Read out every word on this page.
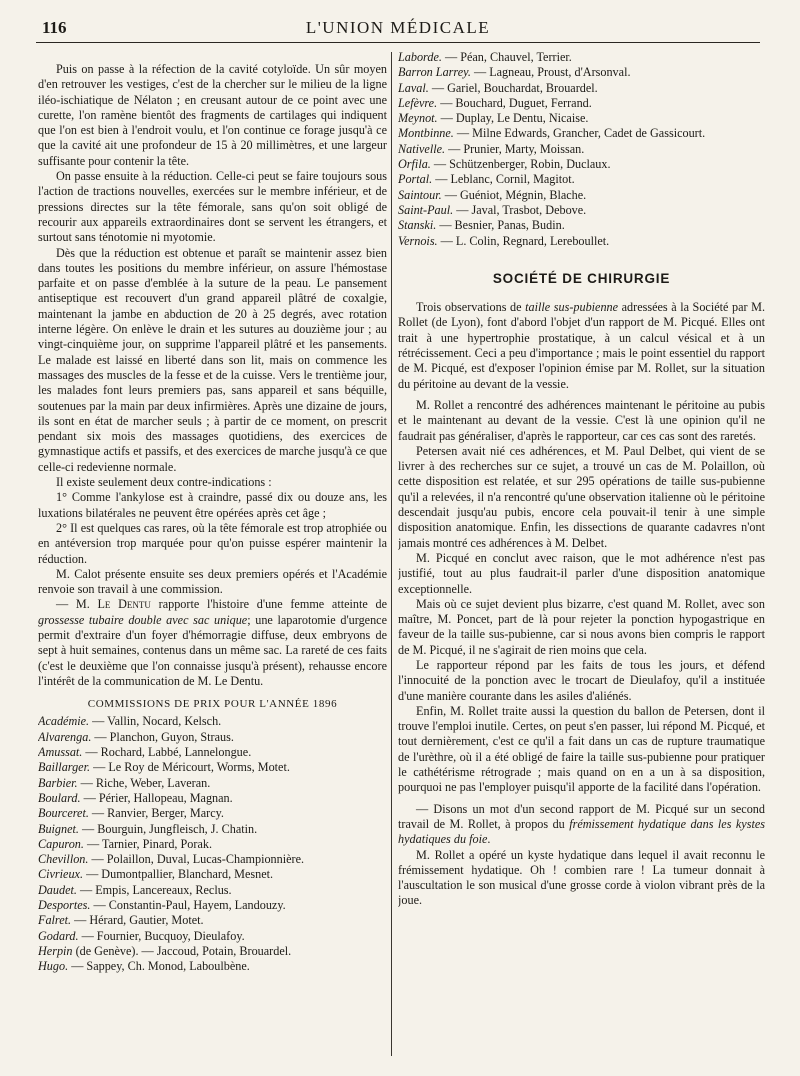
116	L'UNION MÉDICALE

Puis on passe à la réfection de la cavité cotyloïde. Un sûr moyen d'en retrouver les vestiges, c'est de la chercher sur le milieu de la ligne iléo-ischiatique de Nélaton ; en creusant autour de ce point avec une curette, l'on ramène bientôt des fragments de cartilages qui indiquent que l'on est bien à l'endroit voulu, et l'on continue ce forage jusqu'à ce que la cavité ait une profondeur de 15 à 20 millimètres, et une largeur suffisante pour contenir la tête.

On passe ensuite à la réduction. Celle-ci peut se faire toujours sous l'action de tractions nouvelles, exercées sur le membre inférieur, et de pressions directes sur la tête fémorale, sans qu'on soit obligé de recourir aux appareils extraordinaires dont se servent les étrangers, et surtout sans ténotomie ni myotomie.

Dès que la réduction est obtenue et paraît se maintenir assez bien dans toutes les positions du membre inférieur, on assure l'hémostase parfaite et on passe d'emblée à la suture de la peau. Le pansement antiseptique est recouvert d'un grand appareil plâtré de coxalgie, maintenant la jambe en abduction de 20 à 25 degrés, avec rotation interne légère. On enlève le drain et les sutures au douzième jour ; au vingt-cinquième jour, on supprime l'appareil plâtré et les pansements. Le malade est laissé en liberté dans son lit, mais on commence les massages des muscles de la fesse et de la cuisse. Vers le trentième jour, les malades font leurs premiers pas, sans appareil et sans béquille, soutenues par la main par deux infirmières. Après une dizaine de jours, ils sont en état de marcher seuls ; à partir de ce moment, on prescrit pendant six mois des massages quotidiens, des exercices de gymnastique actifs et passifs, et des exercices de marche jusqu'à ce que celle-ci redevienne normale.

Il existe seulement deux contre-indications :

1° Comme l'ankylose est à craindre, passé dix ou douze ans, les luxations bilatérales ne peuvent être opérées après cet âge ;

2° Il est quelques cas rares, où la tête fémorale est trop atrophiée ou en antéversion trop marquée pour qu'on puisse espérer maintenir la réduction.

M. Calot présente ensuite ses deux premiers opérés et l'Académie renvoie son travail à une commission.

— M. Le Dentu rapporte l'histoire d'une femme atteinte de grossesse tubaire double avec sac unique; une laparotomie d'urgence permit d'extraire d'un foyer d'hémorragie diffuse, deux embryons de sept à huit semaines, contenus dans un même sac. La rareté de ces faits (c'est le deuxième que l'on connaisse jusqu'à présent), rehausse encore l'intérêt de la communication de M. Le Dentu.

COMMISSIONS DE PRIX POUR L'ANNÉE 1896
Académie. — Vallin, Nocard, Kelsch.
Alvarenga. — Planchon, Guyon, Straus.
Amussat. — Rochard, Labbé, Lannelongue.
Baillarger. — Le Roy de Méricourt, Worms, Motet.
Barbier. — Riche, Weber, Laveran.
Boulard. — Périer, Hallopeau, Magnan.
Bourceret. — Ranvier, Berger, Marcy.
Buignet. — Bourguin, Jungfleisch, J. Chatin.
Capuron. — Tarnier, Pinard, Porak.
Chevillon. — Polaillon, Duval, Lucas-Championnière.
Civrieux. — Dumontpallier, Blanchard, Mesnet.
Daudet. — Empis, Lancereaux, Reclus.
Desportes. — Constantin-Paul, Hayem, Landouzy.
Falret. — Hérard, Gautier, Motet.
Godard. — Fournier, Bucquoy, Dieulafoy.
Herpin (de Genève). — Jaccoud, Potain, Brouardel.
Hugo. — Sappey, Ch. Monod, Laboulbène.
Laborde. — Péan, Chauvel, Terrier.
Barron Larrey. — Lagneau, Proust, d'Arsonval.
Laval. — Gariel, Bouchardat, Brouardel.
Lefèvre. — Bouchard, Duguet, Ferrand.
Meynot. — Duplay, Le Dentu, Nicaise.
Montbinne. — Milne Edwards, Grancher, Cadet de Gassicourt.
Nativelle. — Prunier, Marty, Moissan.
Orfila. — Schützenberger, Robin, Duclaux.
Portal. — Leblanc, Cornil, Magitot.
Saintour. — Guéniot, Mégnin, Blache.
Saint-Paul. — Javal, Trasbot, Debove.
Stanski. — Besnier, Panas, Budin.
Vernois. — L. Colin, Regnard, Lereboullet.
SOCIÉTÉ DE CHIRURGIE

Trois observations de taille sus-pubienne adressées à la Société par M. Rollet (de Lyon), font d'abord l'objet d'un rapport de M. Picqué. Elles ont trait à une hypertrophie prostatique, à un calcul vésical et à un rétrécissement. Ceci a peu d'importance ; mais le point essentiel du rapport de M. Picqué, est d'exposer l'opinion émise par M. Rollet, sur la situation du péritoine au devant de la vessie.

M. Rollet a rencontré des adhérences maintenant le péritoine au pubis et le maintenant au devant de la vessie. C'est là une opinion qu'il ne faudrait pas généraliser, d'après le rapporteur, car ces cas sont des raretés.

Petersen avait nié ces adhérences, et M. Paul Delbet, qui vient de se livrer à des recherches sur ce sujet, a trouvé un cas de M. Polaillon, où cette disposition est relatée, et sur 295 opérations de taille sus-pubienne qu'il a relevées, il n'a rencontré qu'une observation italienne où le péritoine descendait jusqu'au pubis, encore cela pouvait-il tenir à une simple disposition anatomique. Enfin, les dissections de quarante cadavres n'ont jamais montré ces adhérences à M. Delbet.

M. Picqué en conclut avec raison, que le mot adhérence n'est pas justifié, tout au plus faudrait-il parler d'une disposition anatomique exceptionnelle.

Mais où ce sujet devient plus bizarre, c'est quand M. Rollet, avec son maître, M. Poncet, part de là pour rejeter la ponction hypogastrique en faveur de la taille sus-pubienne, car si nous avons bien compris le rapport de M. Picqué, il ne s'agirait de rien moins que cela.

Le rapporteur répond par les faits de tous les jours, et défend l'innocuité de la ponction avec le trocart de Dieulafoy, qu'il a instituée d'une manière courante dans les asiles d'aliénés.

Enfin, M. Rollet traite aussi la question du ballon de Petersen, dont il trouve l'emploi inutile. Certes, on peut s'en passer, lui répond M. Picqué, et tout dernièrement, c'est ce qu'il a fait dans un cas de rupture traumatique de l'urèthre, où il a été obligé de faire la taille sus-pubienne pour pratiquer le cathétérisme rétrograde ; mais quand on en a un à sa disposition, pourquoi ne pas l'employer puisqu'il apporte de la facilité dans l'opération.

— Disons un mot d'un second rapport de M. Picqué sur un second travail de M. Rollet, à propos du frémissement hydatique dans les kystes hydatiques du foie.

M. Rollet a opéré un kyste hydatique dans lequel il avait reconnu le frémissement hydatique. Oh ! combien rare ! La tumeur donnait à l'auscultation le son musical d'une grosse corde à violon vibrant près de la joue.
